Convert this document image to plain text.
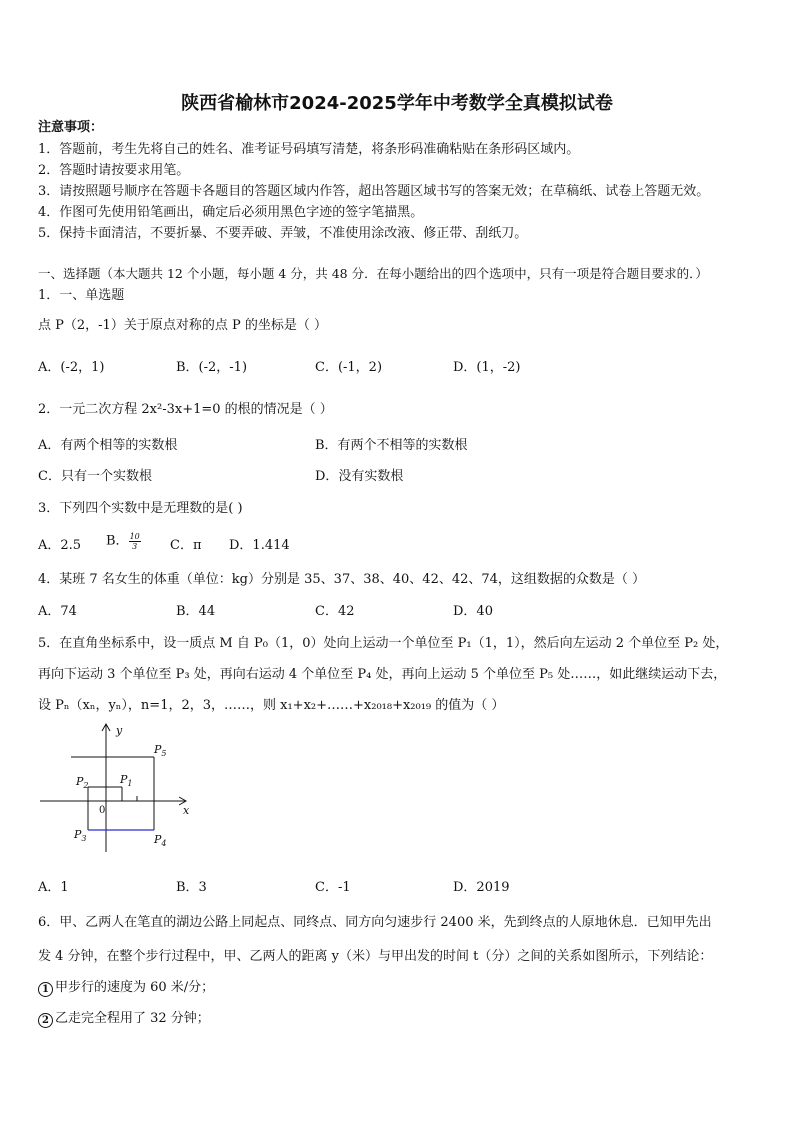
陕西省榆林市2024-2025学年中考数学全真模拟试卷
注意事项：
1．答题前，考生先将自己的姓名、准考证号码填写清楚，将条形码准确粘贴在条形码区域内。
2．答题时请按要求用笔。
3．请按照题号顺序在答题卡各题目的答题区域内作答，超出答题区域书写的答案无效；在草稿纸、试卷上答题无效。
4．作图可先使用铅笔画出，确定后必须用黑色字迹的签字笔描黑。
5．保持卡面清洁，不要折暴、不要弄破、弄皱，不准使用涂改液、修正带、刮纸刀。
一、选择题（本大题共 12 个小题，每小题 4 分，共 48 分．在每小题给出的四个选项中，只有一项是符合题目要求的．）
1．一、单选题
点 P（2，-1）关于原点对称的点 P 的坐标是（ ）
A．(-2，1)	B．(-2，-1)	C．(-1，2)	D．(1，-2)
2．一元二次方程 2x²-3x+1=0 的根的情况是（ ）
A．有两个相等的实数根	B．有两个不相等的实数根
C．只有一个实数根	D．没有实数根
3．下列四个实数中是无理数的是( )
A．2.5 B． $\frac{10}{3}$ C．π D．1.414
4．某班 7 名女生的体重（单位：kg）分别是 35、37、38、40、42、42、74，这组数据的众数是（ ）
A．74	B．44	C．42	D．40
5．在直角坐标系中，设一质点 M 自 P₀（1，0）处向上运动一个单位至 P₁（1，1），然后向左运动 2 个单位至 P₂ 处，
再向下运动 3 个单位至 P₃ 处，再向右运动 4 个单位至 P₄ 处，再向上运动 5 个单位至 P₅ 处……，如此继续运动下去，
设 Pₙ（xₙ，yₙ），n=1，2，3，……，则 x₁+x₂+……+x₂₀₁₈+x₂₀₁₉ 的值为（ ）
y
x
0
$P_1$
$P_2$
$P_3$	$P_4$
$P_5$
A．1	B．3	C．-1	D．2019
6．甲、乙两人在笔直的湖边公路上同起点、同终点、同方向匀速步行 2400 米，先到终点的人原地休息．已知甲先出
发 4 分钟，在整个步行过程中，甲、乙两人的距离 y（米）与甲出发的时间 t（分）之间的关系如图所示，下列结论：
1 甲步行的速度为 60 米/分；
2 乙走完全程用了 32 分钟；
